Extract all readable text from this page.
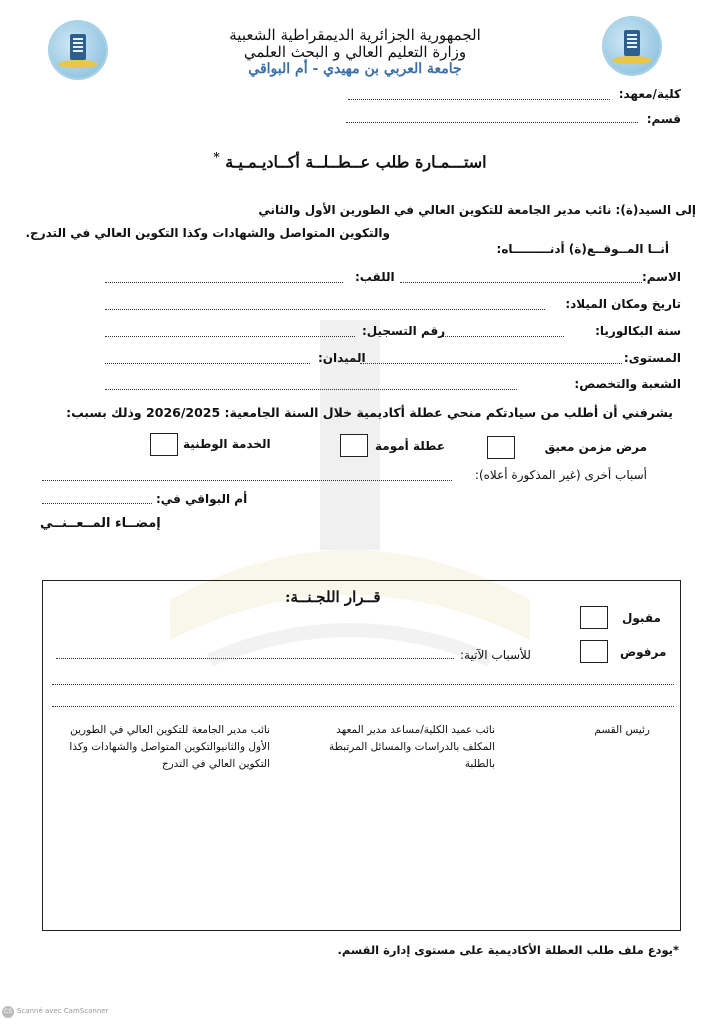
الجمهورية الجزائرية الديمقراطية الشعبية
وزارة التعليم العالي و البحث العلمي
جامعة العربي بن مهيدي - أم البواقي
كلية/معهد:
قسم:
استـــمـارة طلب عــطــلــة أكــاديـمـيـة *
إلى السيد(ة): نائب مدير الجامعة للتكوين العالي في الطورين الأول والثاني
والتكوين المتواصل والشهادات وكذا التكوين العالي في التدرج.
أنــا المــوقــع(ة) أدنـــــــــاه:
الاسم:
اللقب:
تاريخ ومكان الميلاد:
سنة البكالوريا:
رقم التسجيل:
المستوى:
الميدان:
الشعبة والتخصص:
يشرفني أن أطلب من سيادتكم منحي عطلة أكاديمية خلال السنة الجامعية: 2026/2025 وذلك بسبب:
مرض مزمن معيق
عطلة أمومة
الخدمة الوطنية
أسباب أخرى (غير المذكورة أعلاه):
أم البواقي في:
إمضــاء المــعــنــي
قــرار اللجـنــة:
مقبول
مرفوض
للأسباب الآتية:
رئيس القسم
نائب عميد الكلية/مساعد مدير المعهد المكلف بالدراسات والمسائل المرتبطة بالطلبة
نائب مدير الجامعة للتكوين العالي في الطورين الأول والثانيوالتكوين المتواصل والشهادات وكذا التكوين العالي في التدرج
*يودع ملف طلب العطلة الأكاديمية على مستوى إدارة القسم.
CS Scanné avec CamScanner
